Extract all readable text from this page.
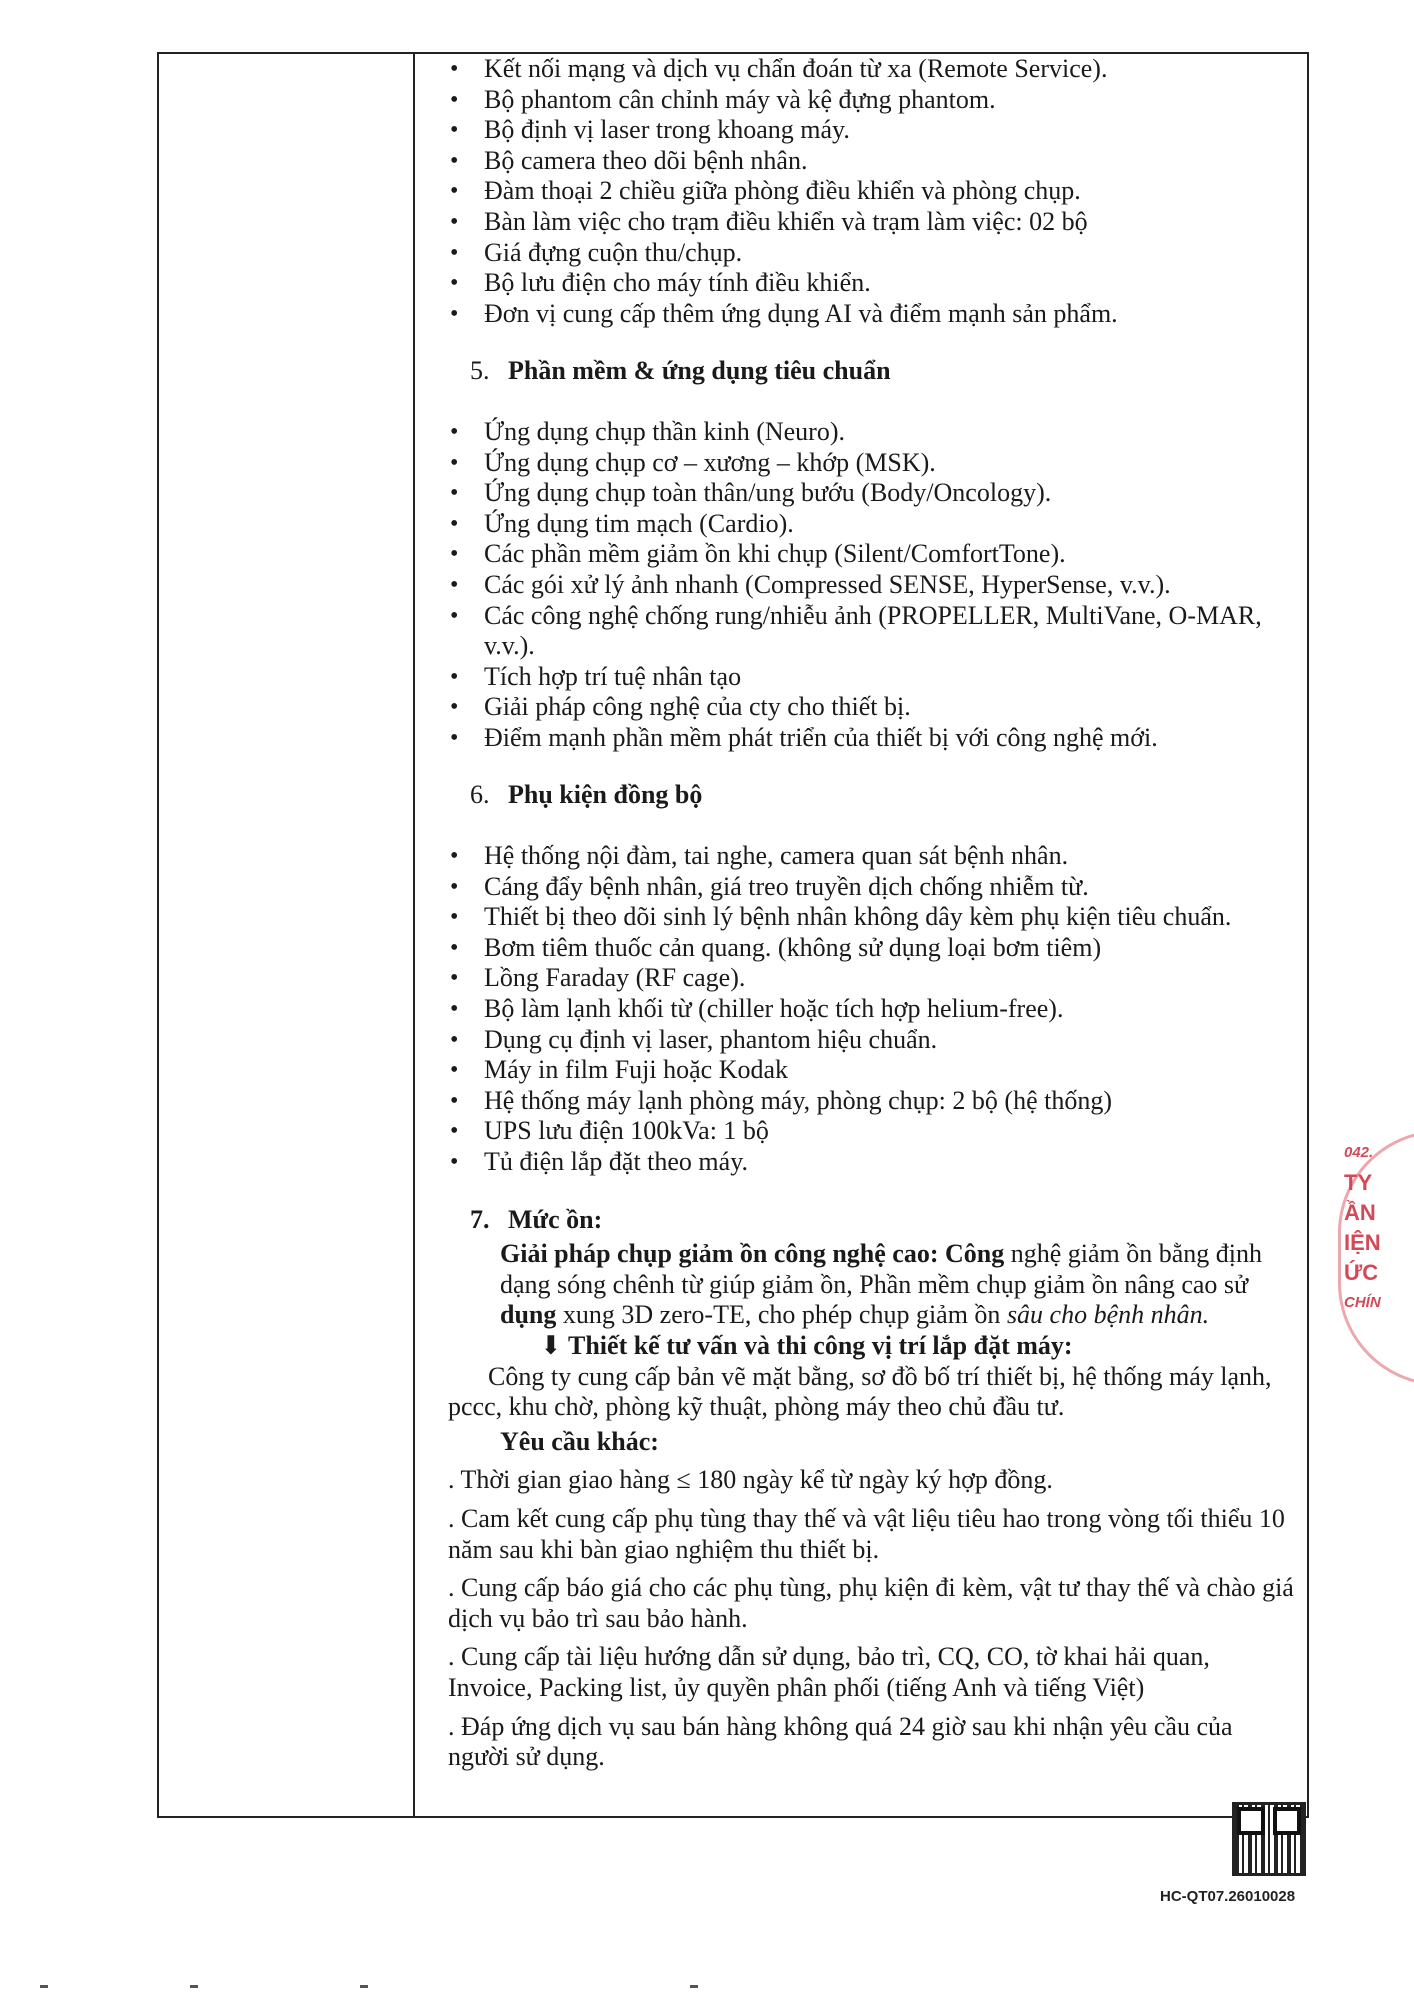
• Kết nối mạng và dịch vụ chẩn đoán từ xa (Remote Service).
• Bộ phantom cân chỉnh máy và kệ đựng phantom.
• Bộ định vị laser trong khoang máy.
• Bộ camera theo dõi bệnh nhân.
• Đàm thoại 2 chiều giữa phòng điều khiển và phòng chụp.
• Bàn làm việc cho trạm điều khiển và trạm làm việc: 02 bộ
• Giá đựng cuộn thu/chụp.
• Bộ lưu điện cho máy tính điều khiển.
• Đơn vị cung cấp thêm ứng dụng AI và điểm mạnh sản phẩm.
5. Phần mềm & ứng dụng tiêu chuẩn
• Ứng dụng chụp thần kinh (Neuro).
• Ứng dụng chụp cơ – xương – khớp (MSK).
• Ứng dụng chụp toàn thân/ung bướu (Body/Oncology).
• Ứng dụng tim mạch (Cardio).
• Các phần mềm giảm ồn khi chụp (Silent/ComfortTone).
• Các gói xử lý ảnh nhanh (Compressed SENSE, HyperSense, v.v.).
• Các công nghệ chống rung/nhiễu ảnh (PROPELLER, MultiVane, O-MAR, v.v.).
• Tích hợp trí tuệ nhân tạo
• Giải pháp công nghệ của cty cho thiết bị.
• Điểm mạnh phần mềm phát triển của thiết bị với công nghệ mới.
6. Phụ kiện đồng bộ
• Hệ thống nội đàm, tai nghe, camera quan sát bệnh nhân.
• Cáng đẩy bệnh nhân, giá treo truyền dịch chống nhiễm từ.
• Thiết bị theo dõi sinh lý bệnh nhân không dây kèm phụ kiện tiêu chuẩn.
• Bơm tiêm thuốc cản quang. (không sử dụng loại bơm tiêm)
• Lồng Faraday (RF cage).
• Bộ làm lạnh khối từ (chiller hoặc tích hợp helium-free).
• Dụng cụ định vị laser, phantom hiệu chuẩn.
• Máy in film Fuji hoặc Kodak
• Hệ thống máy lạnh phòng máy, phòng chụp: 2 bộ (hệ thống)
• UPS lưu điện 100kVa: 1 bộ
• Tủ điện lắp đặt theo máy.
7. Mức ồn:
Giải pháp chụp giảm ồn công nghệ cao: Công nghệ giảm ồn bằng định dạng sóng chênh từ giúp giảm ồn, Phần mềm chụp giảm ồn nâng cao sử dụng xung 3D zero-TE, cho phép chụp giảm ồn sâu cho bệnh nhân.
⬇ Thiết kế tư vấn và thi công vị trí lắp đặt máy:
Công ty cung cấp bản vẽ mặt bằng, sơ đồ bố trí thiết bị, hệ thống máy lạnh, pccc, khu chờ, phòng kỹ thuật, phòng máy theo chủ đầu tư.
Yêu cầu khác:
. Thời gian giao hàng ≤ 180 ngày kể từ ngày ký hợp đồng.
. Cam kết cung cấp phụ tùng thay thế và vật liệu tiêu hao trong vòng tối thiểu 10 năm sau khi bàn giao nghiệm thu thiết bị.
. Cung cấp báo giá cho các phụ tùng, phụ kiện đi kèm, vật tư thay thế và chào giá dịch vụ bảo trì sau bảo hành.
. Cung cấp tài liệu hướng dẫn sử dụng, bảo trì, CQ, CO, tờ khai hải quan, Invoice, Packing list, ủy quyền phân phối (tiếng Anh và tiếng Việt)
. Đáp ứng dịch vụ sau bán hàng không quá 24 giờ sau khi nhận yêu cầu của người sử dụng.
HC-QT07.26010028
042.
TY
ẦN
IỆN
ỨC
CHÍN
